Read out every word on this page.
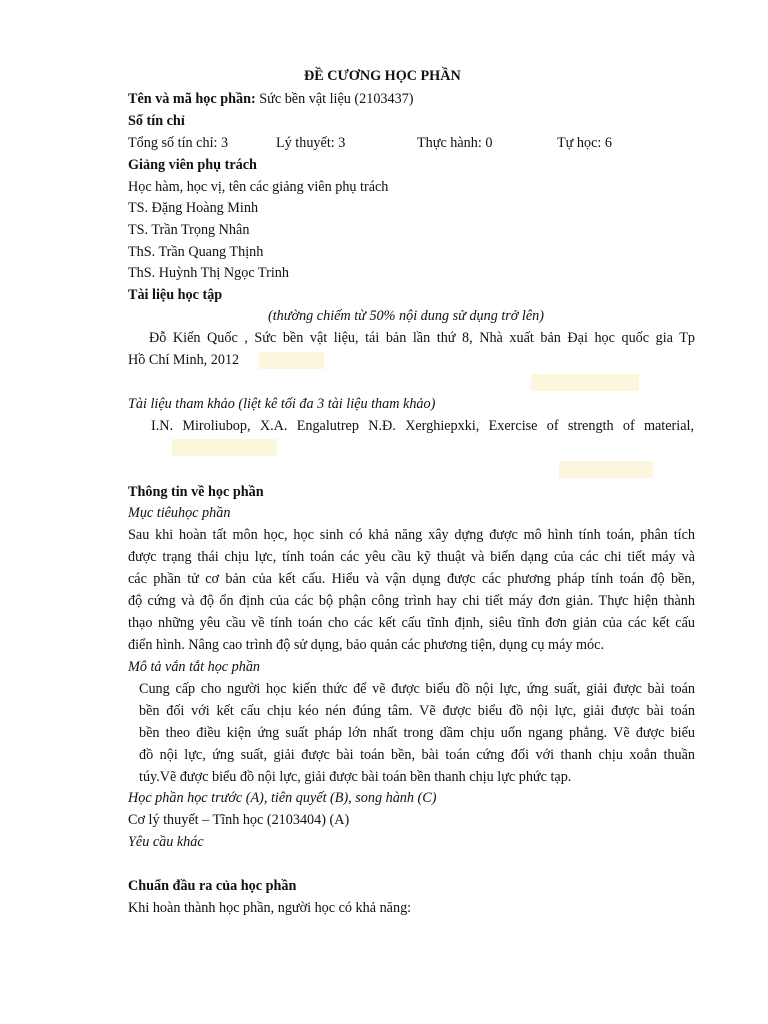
ĐỀ CƯƠNG HỌC PHẦN
Tên và mã học phần: Sức bền vật liệu (2103437)
Số tín chỉ
Tổng số tín chỉ: 3	Lý thuyết: 3	Thực hành: 0	Tự học: 6
Giảng viên phụ trách
Học hàm, học vị, tên các giảng viên phụ trách
TS. Đặng Hoàng Minh
TS. Trần Trọng Nhân
ThS. Trần Quang Thịnh
ThS. Huỳnh Thị Ngọc Trinh
Tài liệu học tập
(thường chiếm từ 50% nội dung sử dụng trở lên)
Đỗ Kiến Quốc , Sức bền vật liệu, tái bản lần thứ 8, Nhà xuất bản Đại học quốc gia Tp
Hồ Chí Minh, 2012
Tài liệu tham khảo (liệt kê tối đa 3 tài liệu tham khảo)
I.N. Miroliubop, X.A. Engalutrep N.Đ. Xerghiepxki, Exercise of strength of material,
Thông tin về học phần
Mục tiêuhọc phần
Sau khi hoàn tất môn học, học sinh có khả năng xây dựng được mô hình tính toán, phân tích
được trạng thái chịu lực, tính toán các yêu cầu kỹ thuật và biến dạng của các chi tiết máy và
các phần tử cơ bản của kết cấu. Hiểu và vận dụng được các phương pháp tính toán độ bền,
độ cứng và độ ổn định của các bộ phận công trình hay chi tiết máy đơn giản. Thực hiện thành
thạo những yêu cầu về tính toán cho các kết cấu tĩnh định, siêu tĩnh đơn giản của các kết cấu
điển hình. Nâng cao trình độ sử dụng, bảo quản các phương tiện, dụng cụ máy móc.
Mô tả vắn tắt học phần
Cung cấp cho người học kiến thức để vẽ được biểu đồ nội lực, ứng suất, giải được bài toán
bền đối với kết cấu chịu kéo nén đúng tâm. Vẽ được biểu đồ nội lực, giải được bài toán
bền theo điều kiện ứng suất pháp lớn nhất trong dầm chịu uốn ngang phẳng. Vẽ được biểu
đồ nội lực, ứng suất, giải được bài toán bền, bài toán cứng đối với thanh chịu xoắn thuần
túy.Vẽ được biểu đồ nội lực, giải được bài toán bền thanh chịu lực phức tạp.
Học phần học trước (A), tiên quyết (B), song hành (C)
Cơ lý thuyết – Tĩnh học (2103404) (A)
Yêu cầu khác
Chuẩn đầu ra của học phần
Khi hoàn thành học phần, người học có khả năng:
